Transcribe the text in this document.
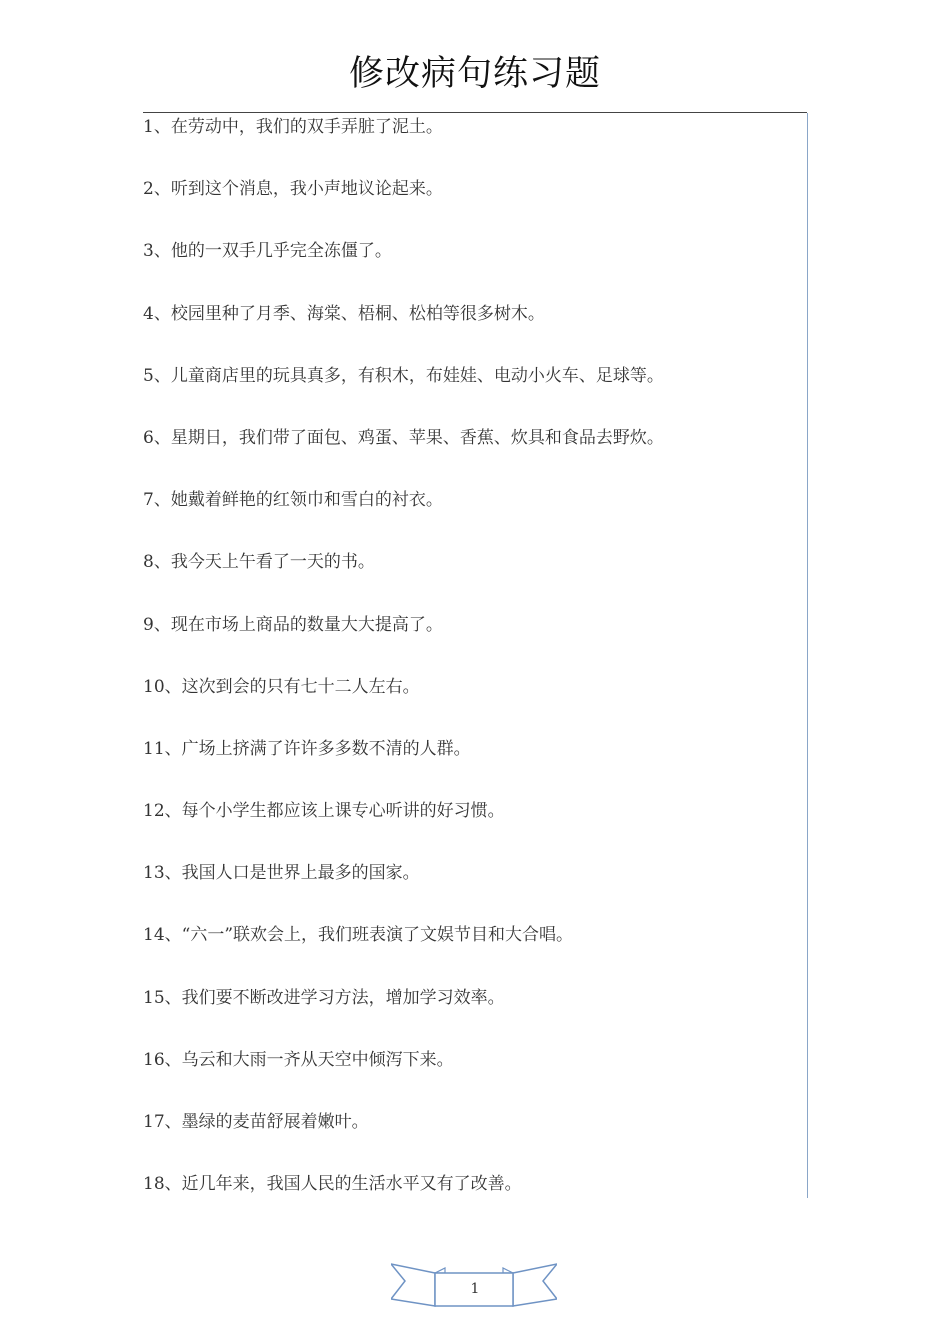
修改病句练习题
1、在劳动中，我们的双手弄脏了泥土。
2、听到这个消息，我小声地议论起来。
3、他的一双手几乎完全冻僵了。
4、校园里种了月季、海棠、梧桐、松柏等很多树木。
5、儿童商店里的玩具真多，有积木，布娃娃、电动小火车、足球等。
6、星期日，我们带了面包、鸡蛋、苹果、香蕉、炊具和食品去野炊。
7、她戴着鲜艳的红领巾和雪白的衬衣。
8、我今天上午看了一天的书。
9、现在市场上商品的数量大大提高了。
10、这次到会的只有七十二人左右。
11、广场上挤满了许许多多数不清的人群。
12、每个小学生都应该上课专心听讲的好习惯。
13、我国人口是世界上最多的国家。
14、“六一”联欢会上，我们班表演了文娱节目和大合唱。
15、我们要不断改进学习方法，增加学习效率。
16、乌云和大雨一齐从天空中倾泻下来。
17、墨绿的麦苗舒展着嫩叶。
18、近几年来，我国人民的生活水平又有了改善。
1
